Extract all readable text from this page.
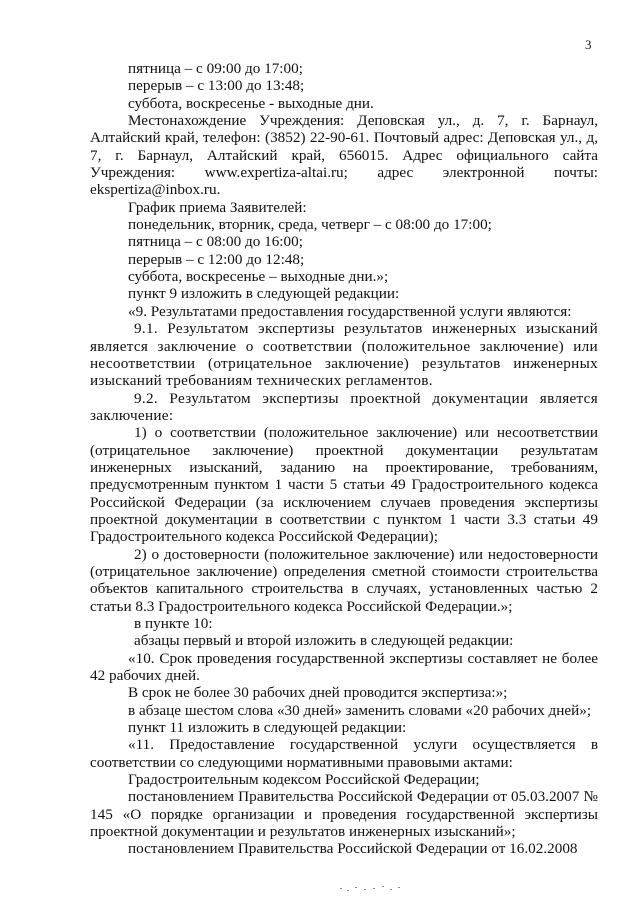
3

пятница – с 09:00 до 17:00;

перерыв – с 13:00 до 13:48;

суббота, воскресенье - выходные дни.

Местонахождение Учреждения: Деповская ул., д. 7, г. Барнаул, Алтайский край, телефон: (3852) 22-90-61. Почтовый адрес: Деповская ул., д, 7, г. Барнаул, Алтайский край, 656015. Адрес официального сайта Учреждения: www.expertiza-altai.ru; адрес электронной почты: ekspertiza@inbox.ru.

График приема Заявителей:

понедельник, вторник, среда, четверг – с 08:00 до 17:00;

пятница – с 08:00 до 16:00;

перерыв – с 12:00 до 12:48;

суббота, воскресенье – выходные дни.»;

пункт 9 изложить в следующей редакции:

«9. Результатами предоставления государственной услуги являются:

9.1. Результатом экспертизы результатов инженерных изысканий является заключение о соответствии (положительное заключение) или несоответствии (отрицательное заключение) результатов инженерных изысканий требованиям технических регламентов.

9.2. Результатом экспертизы проектной документации является заключение:

1) о соответствии (положительное заключение) или несоответствии (отрицательное заключение) проектной документации результатам инженерных изысканий, заданию на проектирование, требованиям, предусмотренным пунктом 1 части 5 статьи 49 Градостроительного кодекса Российской Федерации (за исключением случаев проведения экспертизы проектной документации в соответствии с пунктом 1 части 3.3 статьи 49 Градостроительного кодекса Российской Федерации);

2) о достоверности (положительное заключение) или недостоверности (отрицательное заключение) определения сметной стоимости строительства объектов капитального строительства в случаях, установленных частью 2 статьи 8.3 Градостроительного кодекса Российской Федерации.»;

в пункте 10:

абзацы первый и второй изложить в следующей редакции:

«10. Срок проведения государственной экспертизы составляет не более 42 рабочих дней.

В срок не более 30 рабочих дней проводится экспертиза:»;

в абзаце шестом слова «30 дней» заменить словами «20 рабочих дней»;

пункт 11 изложить в следующей редакции:

«11. Предоставление государственной услуги осуществляется в соответствии со следующими нормативными правовыми актами:

Градостроительным кодексом Российской Федерации;

постановлением Правительства Российской Федерации от 05.03.2007 № 145 «О порядке организации и проведения государственной экспертизы проектной документации и результатов инженерных изысканий»;

постановлением Правительства Российской Федерации от 16.02.2008
